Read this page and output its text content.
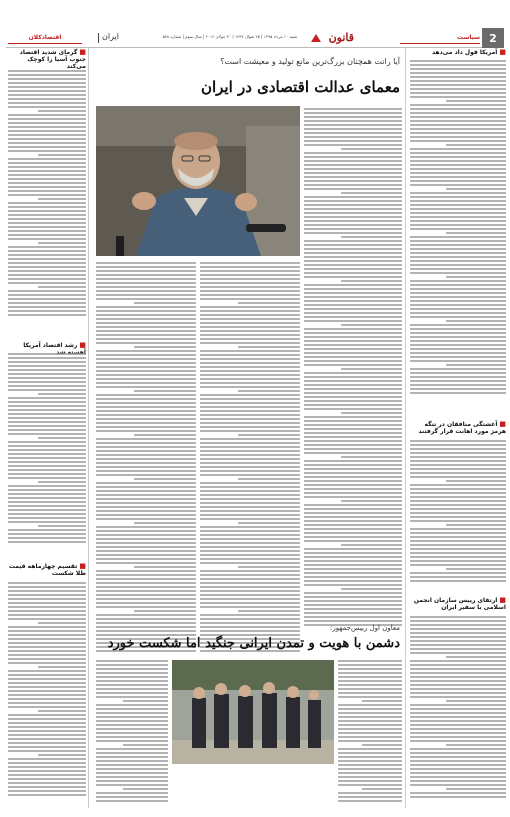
2
قانون
شنبه ۱۰ مرداد ۱۳۹۵ | ۲۵ شوال ۱۴۳۷ | ۳۰ جولای ۲۰۱۶ | سال سوم | شماره ۵۷۸
ایران
اقتصادکلان	سیاست
■گرمای شدید اقتصاد جنوب آسیا را کوچک می‌کند
■رشد اقتصاد آمریکا
■تقسیم چهارماهه قیمت طلا شکست
■آمریکا قول داد می‌دهد
■آغشتگی منافقان در تنگه هرمز مورد اهانت قرار گرفتند
■ارتقای رییس سازمان انجمن اسلامی با سفیر ایران
آیا رانت همچنان بزرگ‌ترین مانع تولید و معیشت است؟
معمای عدالت اقتصادی در ایران
معاون اول رییس‌جمهور:
دشمن با هویت و تمدن ایرانی جنگید اما شکست خورد
